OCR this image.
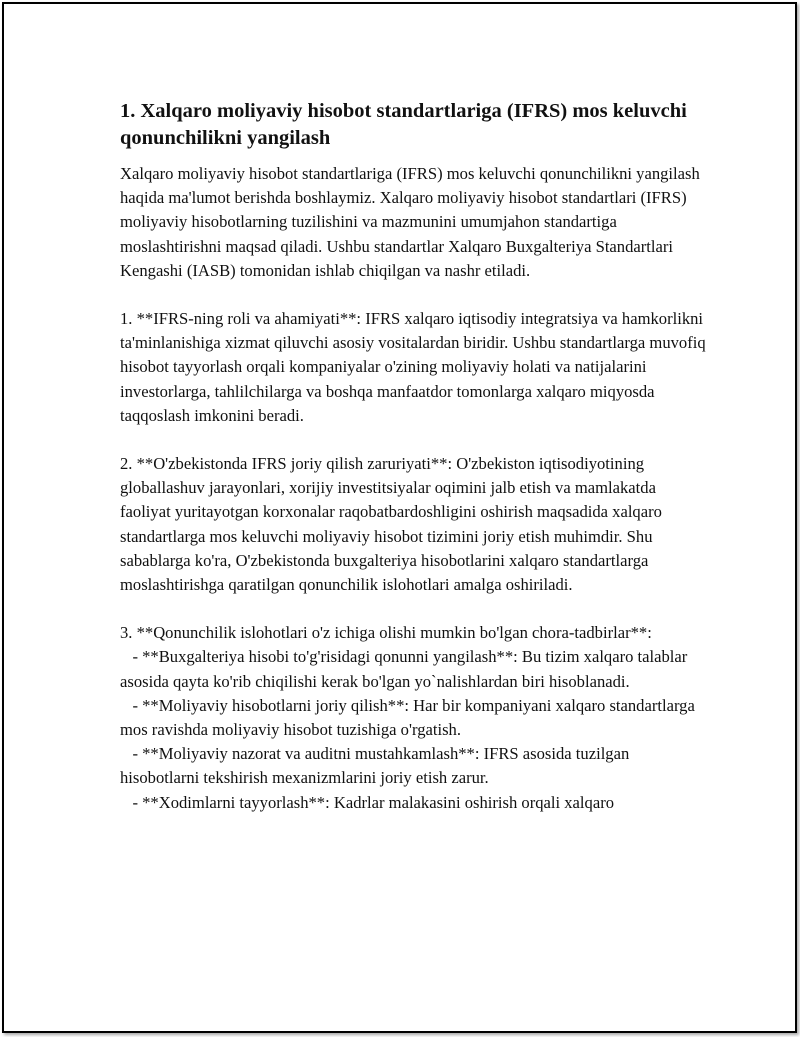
1. Xalqaro moliyaviy hisobot standartlariga (IFRS) mos keluvchi qonunchilikni yangilash

Xalqaro moliyaviy hisobot standartlariga (IFRS) mos keluvchi qonunchilikni yangilash haqida ma'lumot berishda boshlaymiz. Xalqaro moliyaviy hisobot standartlari (IFRS) moliyaviy hisobotlarning tuzilishini va mazmunini umumjahon standartiga moslashtirishni maqsad qiladi. Ushbu standartlar Xalqaro Buxgalteriya Standartlari Kengashi (IASB) tomonidan ishlab chiqilgan va nashr etiladi.

1. **IFRS-ning roli va ahamiyati**: IFRS xalqaro iqtisodiy integratsiya va hamkorlikni ta'minlanishiga xizmat qiluvchi asosiy vositalardan biridir. Ushbu standartlarga muvofiq hisobot tayyorlash orqali kompaniyalar o'zining moliyaviy holati va natijalarini investorlarga, tahlilchilarga va boshqa manfaatdor tomonlarga xalqaro miqyosda taqqoslash imkonini beradi.

2. **O'zbekistonda IFRS joriy qilish zaruriyati**: O'zbekiston iqtisodiyotining globallashuv jarayonlari, xorijiy investitsiyalar oqimini jalb etish va mamlakatda faoliyat yuritayotgan korxonalar raqobatbardoshligini oshirish maqsadida xalqaro standartlarga mos keluvchi moliyaviy hisobot tizimini joriy etish muhimdir. Shu sabablarga ko'ra, O'zbekistonda buxgalteriya hisobotlarini xalqaro standartlarga moslashtirishga qaratilgan qonunchilik islohotlari amalga oshiriladi.

3. **Qonunchilik islohotlari o'z ichiga olishi mumkin bo'lgan chora-tadbirlar**:

- **Buxgalteriya hisobi to'g'risidagi qonunni yangilash**: Bu tizim xalqaro talablar asosida qayta ko'rib chiqilishi kerak bo'lgan yo`nalishlardan biri hisoblanadi.

- **Moliyaviy hisobotlarni joriy qilish**: Har bir kompaniyani xalqaro standartlarga mos ravishda moliyaviy hisobot tuzishiga o'rgatish.

- **Moliyaviy nazorat va auditni mustahkamlash**: IFRS asosida tuzilgan hisobotlarni tekshirish mexanizmlarini joriy etish zarur.

- **Xodimlarni tayyorlash**: Kadrlar malakasini oshirish orqali xalqaro
